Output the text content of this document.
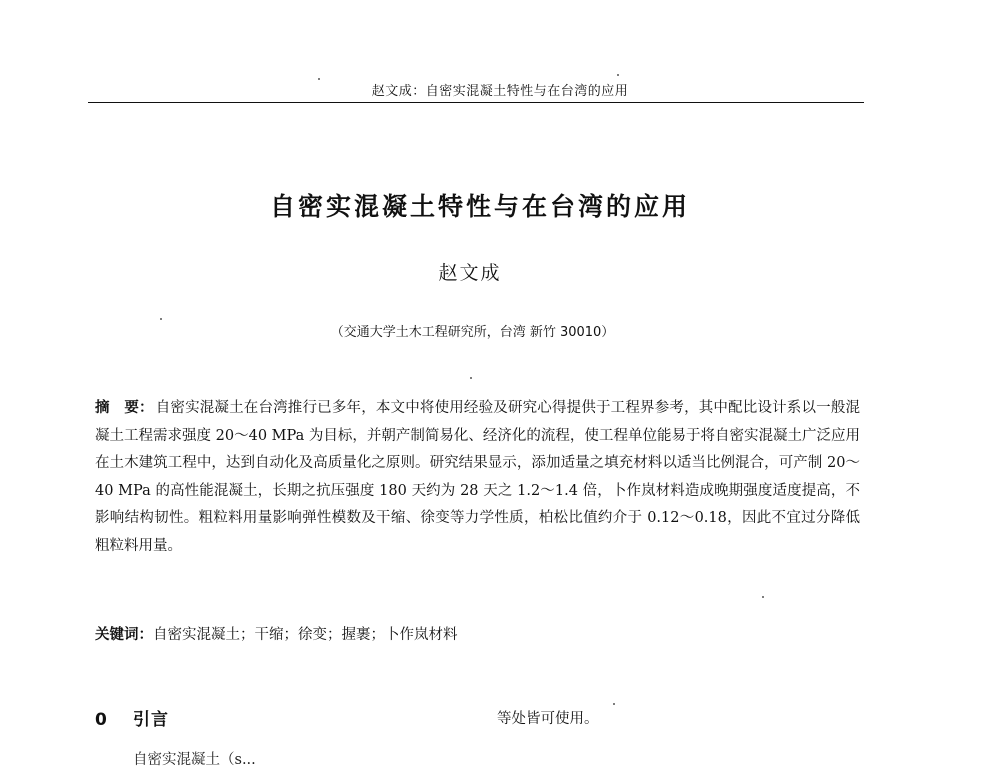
赵文成：自密实混凝土特性与在台湾的应用
自密实混凝土特性与在台湾的应用
赵文成
（交通大学土木工程研究所，台湾 新竹 30010）
摘　要： 自密实混凝土在台湾推行已多年，本文中将使用经验及研究心得提供于工程界参考，其中配比设计系以一般混凝土工程需求强度 20～40 MPa 为目标，并朝产制简易化、经济化的流程，使工程单位能易于将自密实混凝土广泛应用在土木建筑工程中，达到自动化及高质量化之原则。研究结果显示，添加适量之填充材料以适当比例混合，可产制 20～40 MPa 的高性能混凝土，长期之抗压强度 180 天约为 28 天之 1.2～1.4 倍，卜作岚材料造成晚期强度适度提高，不影响结构韧性。粗粒料用量影响弹性模数及干缩、徐变等力学性质，柏松比值约介于 0.12～0.18，因此不宜过分降低粗粒料用量。
关键词：自密实混凝土；干缩；徐变；握裹；卜作岚材料
0 引言	等处皆可使用。
自密实混凝土（s...
